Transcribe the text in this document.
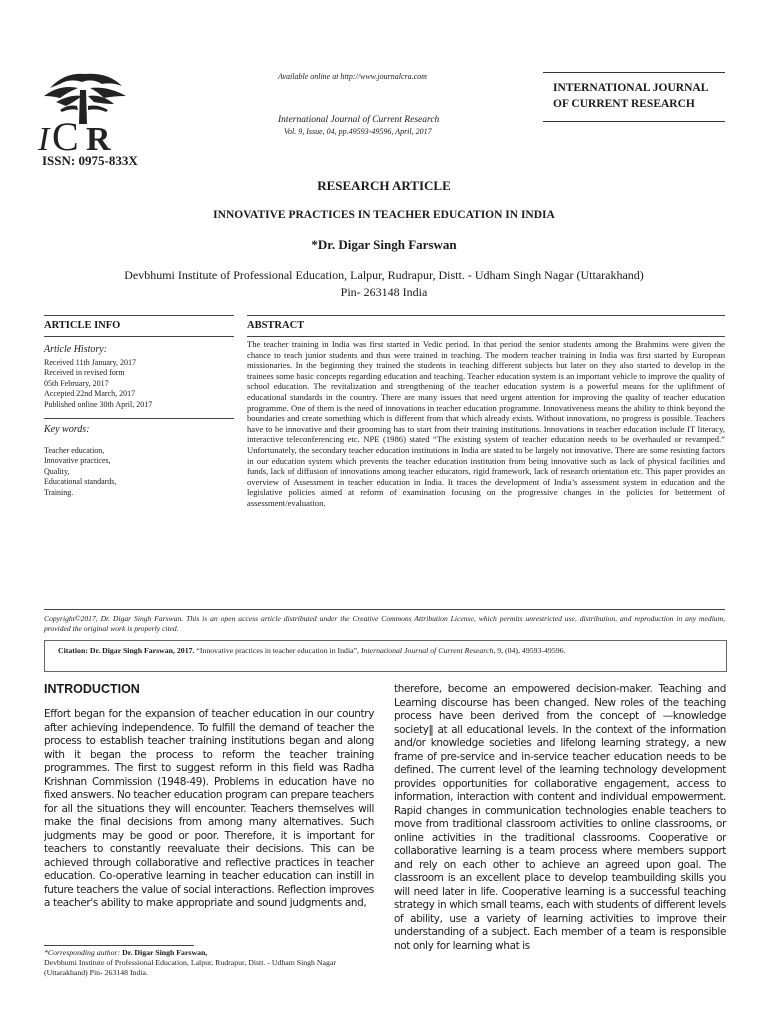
I C R
ISSN: 0975-833X
Available online at http://www.journalcra.com
International Journal of Current Research
Vol. 9, Issue, 04, pp.49593-49596, April, 2017
INTERNATIONAL JOURNAL
OF CURRENT RESEARCH
RESEARCH ARTICLE
INNOVATIVE PRACTICES IN TEACHER EDUCATION IN INDIA
*Dr. Digar Singh Farswan
Devbhumi Institute of Professional Education, Lalpur, Rudrapur, Distt. - Udham Singh Nagar (Uttarakhand)
Pin- 263148 India
ARTICLE INFO	ABSTRACT
Article History:
Received 11th January, 2017
Received in revised form
05th February, 2017
Accepted 22nd March, 2017
Published online 30th April, 2017
Key words:
Teacher education,
Innovative practices,
Quality,
Educational standards,
Training.
The teacher training in India was first started in Vedic period. In that period the senior students among the Brahmins were given the chance to teach junior students and thus were trained in teaching. The modern teacher training in India was first started by European missionaries. In the beginning they trained the students in teaching different subjects but later on they also started to develop in the trainees some basic concepts regarding education and teaching. Teacher education system is an important vehicle to improve the quality of school education. The revitalization and strengthening of the teacher education system is a powerful means for the upliftment of educational standards in the country. There are many issues that need urgent attention for improving the quality of teacher education programme. One of them is the need of innovations in teacher education programme. Innovativeness means the ability to think beyond the boundaries and create something which is different from that which already exists. Without innovations, no progress is possible. Teachers have to be innovative and their grooming has to start from their training institutions. Innovations in teacher education include IT literacy, interactive teleconferencing etc. NPE (1986) stated “The existing system of teacher education needs to be overhauled or revamped.” Unfortunately, the secondary teacher education institutions in India are stated to be largely not innovative. There are some resisting factors in our education system which prevents the teacher education institution from being innovative such as lack of physical facilities and funds, lack of diffusion of innovations among teacher educators, rigid framework, lack of research orientation etc. This paper provides an overview of Assessment in teacher education in India. It traces the development of India’s assessment system in education and the legislative policies aimed at reform of examination focusing on the progressive changes in the policies for betterment of assessment/evaluation.
Copyright©2017, Dr. Digar Singh Farswan. This is an open access article distributed under the Creative Commons Attribution License, which permits unrestricted use, distribution, and reproduction in any medium, provided the original work is properly cited.
Citation: Dr. Digar Singh Farswan, 2017. “Innovative practices in teacher education in India”, International Journal of Current Research, 9, (04), 49593-49596.
INTRODUCTION
Effort began for the expansion of teacher education in our country after achieving independence. To fulfill the demand of teacher the process to establish teacher training institutions began and along with it began the process to reform the teacher training programmes. The first to suggest reform in this field was Radha Krishnan Commission (1948-49). Problems in education have no fixed answers. No teacher education program can prepare teachers for all the situations they will encounter. Teachers themselves will make the final decisions from among many alternatives. Such judgments may be good or poor. Therefore, it is important for teachers to constantly reevaluate their decisions. This can be achieved through collaborative and reflective practices in teacher education. Co-operative learning in teacher education can instill in future teachers the value of social interactions. Reflection improves a teacher's ability to make appropriate and sound judgments and,
therefore, become an empowered decision-maker. Teaching and Learning discourse has been changed. New roles of the teaching process have been derived from the concept of —knowledge society‖ at all educational levels. In the context of the information and/or knowledge societies and lifelong learning strategy, a new frame of pre-service and in-service teacher education needs to be defined. The current level of the learning technology development provides opportunities for collaborative engagement, access to information, interaction with content and individual empowerment. Rapid changes in communication technologies enable teachers to move from traditional classroom activities to online classrooms, or online activities in the traditional classrooms. Cooperative or collaborative learning is a team process where members support and rely on each other to achieve an agreed upon goal. The classroom is an excellent place to develop teambuilding skills you will need later in life. Cooperative learning is a successful teaching strategy in which small teams, each with students of different levels of ability, use a variety of learning activities to improve their understanding of a subject. Each member of a team is responsible not only for learning what is
*Corresponding author: Dr. Digar Singh Farswan,
Devbhumi Institute of Professional Education, Lalpur, Rudrapur, Distt. - Udham Singh Nagar (Uttarakhand) Pin- 263148 India.
